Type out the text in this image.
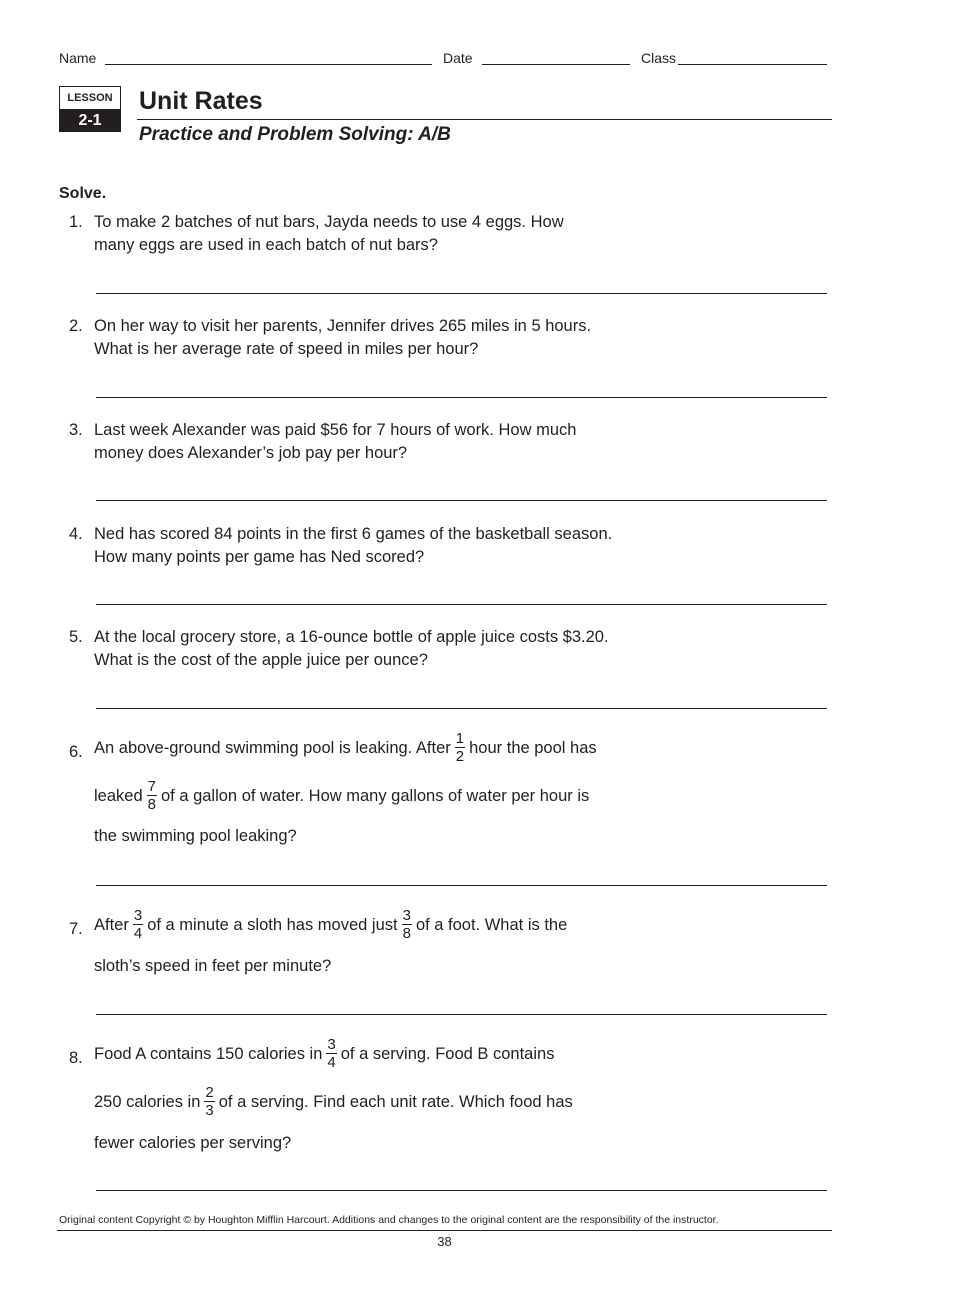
Name	Date	Class
LESSON
2-1
Unit Rates
Practice and Problem Solving: A/B
Solve.
1. To make 2 batches of nut bars, Jayda needs to use 4 eggs. How
many eggs are used in each batch of nut bars?
2. On her way to visit her parents, Jennifer drives 265 miles in 5 hours.
What is her average rate of speed in miles per hour?
3. Last week Alexander was paid $56 for 7 hours of work. How much
money does Alexander’s job pay per hour?
4. Ned has scored 84 points in the first 6 games of the basketball season.
How many points per game has Ned scored?
5. At the local grocery store, a 16-ounce bottle of apple juice costs $3.20.
What is the cost of the apple juice per ounce?
6. An above-ground swimming pool is leaking. After $\frac{1}{2}$ hour the pool has
leaked $\frac{7}{8}$ of a gallon of water. How many gallons of water per hour is
the swimming pool leaking?
7. After $\frac{3}{4}$ of a minute a sloth has moved just $\frac{3}{8}$ of a foot. What is the
sloth’s speed in feet per minute?
8. Food A contains 150 calories in $\frac{3}{4}$ of a serving. Food B contains
250 calories in $\frac{2}{3}$ of a serving. Find each unit rate. Which food has
fewer calories per serving?
Original content Copyright © by Houghton Mifflin Harcourt. Additions and changes to the original content are the responsibility of the instructor.
38
